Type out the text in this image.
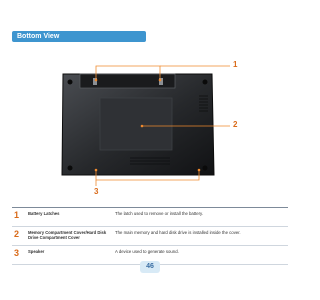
Bottom View
1
2
3
1 Battery Latches	The latch used to remove or install the battery.
2 Memory Compartment Cover/Hard Disk Drive Compartment Cover
The main memory and hard disk drive is installed inside the cover.
3 Speaker	A device used to generate sound.
46
